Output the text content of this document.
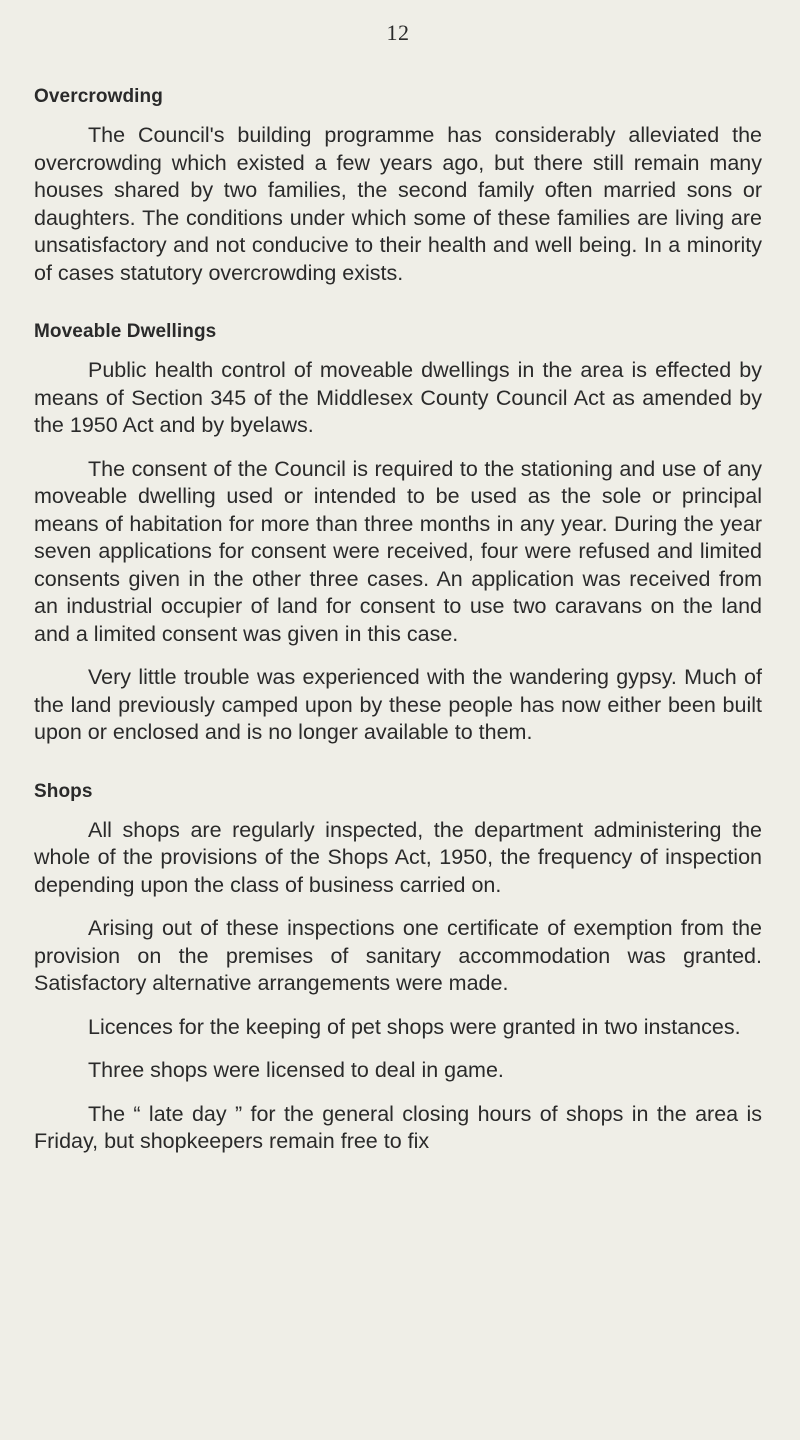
12
Overcrowding

The Council's building programme has considerably alleviated the overcrowding which existed a few years ago, but there still remain many houses shared by two families, the second family often married sons or daughters. The conditions under which some of these families are living are unsatisfactory and not conducive to their health and well being. In a minority of cases statutory overcrowding exists.

Moveable Dwellings

Public health control of moveable dwellings in the area is effected by means of Section 345 of the Middlesex County Council Act as amended by the 1950 Act and by byelaws.

The consent of the Council is required to the stationing and use of any moveable dwelling used or intended to be used as the sole or principal means of habitation for more than three months in any year. During the year seven applications for consent were received, four were refused and limited consents given in the other three cases. An application was received from an industrial occupier of land for consent to use two caravans on the land and a limited consent was given in this case.

Very little trouble was experienced with the wandering gypsy. Much of the land previously camped upon by these people has now either been built upon or enclosed and is no longer available to them.

Shops

All shops are regularly inspected, the department administering the whole of the provisions of the Shops Act, 1950, the frequency of inspection depending upon the class of business carried on.

Arising out of these inspections one certificate of exemption from the provision on the premises of sanitary accommodation was granted. Satisfactory alternative arrangements were made.

Licences for the keeping of pet shops were granted in two instances.

Three shops were licensed to deal in game.

The “ late day ” for the general closing hours of shops in the area is Friday, but shopkeepers remain free to fix
